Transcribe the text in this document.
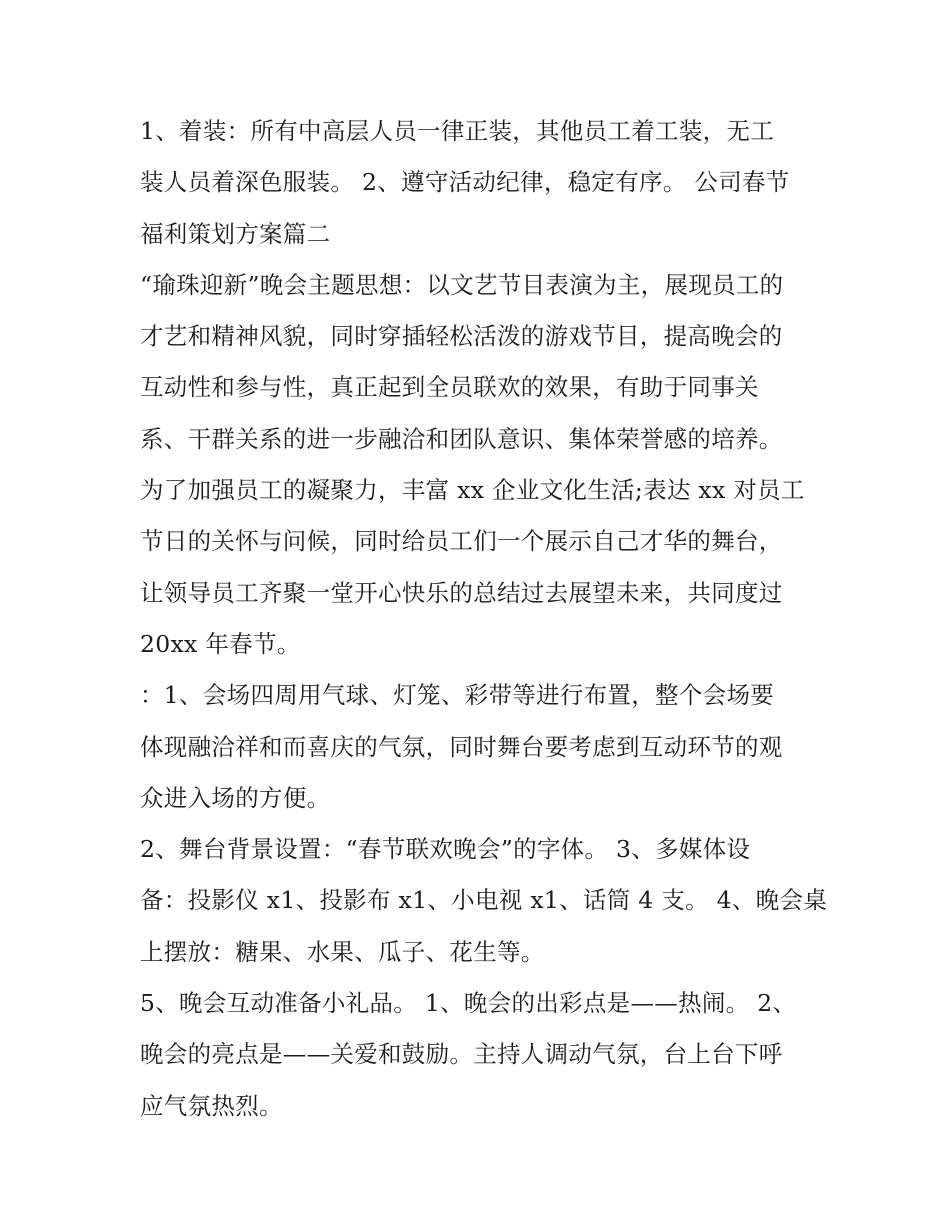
1、着装：所有中高层人员一律正装，其他员工着工装，无工
装人员着深色服装。 2、遵守活动纪律，稳定有序。 公司春节
福利策划方案篇二

“瑜珠迎新”晚会主题思想：以文艺节目表演为主，展现员工的
才艺和精神风貌，同时穿插轻松活泼的游戏节目，提高晚会的
互动性和参与性，真正起到全员联欢的效果，有助于同事关
系、干群关系的进一步融洽和团队意识、集体荣誉感的培养。
为了加强员工的凝聚力，丰富 xx 企业文化生活;表达 xx 对员工
节日的关怀与问候，同时给员工们一个展示自己才华的舞台，
让领导员工齐聚一堂开心快乐的总结过去展望未来，共同度过
20xx 年春节。

：1、会场四周用气球、灯笼、彩带等进行布置，整个会场要
体现融洽祥和而喜庆的气氛，同时舞台要考虑到互动环节的观
众进入场的方便。

2、舞台背景设置：“春节联欢晚会”的字体。 3、多媒体设
备：投影仪 x1、投影布 x1、小电视 x1、话筒 4 支。 4、晚会桌
上摆放：糖果、水果、瓜子、花生等。

5、晚会互动准备小礼品。 1、晚会的出彩点是——热闹。 2、
晚会的亮点是——关爱和鼓励。主持人调动气氛，台上台下呼
应气氛热烈。
